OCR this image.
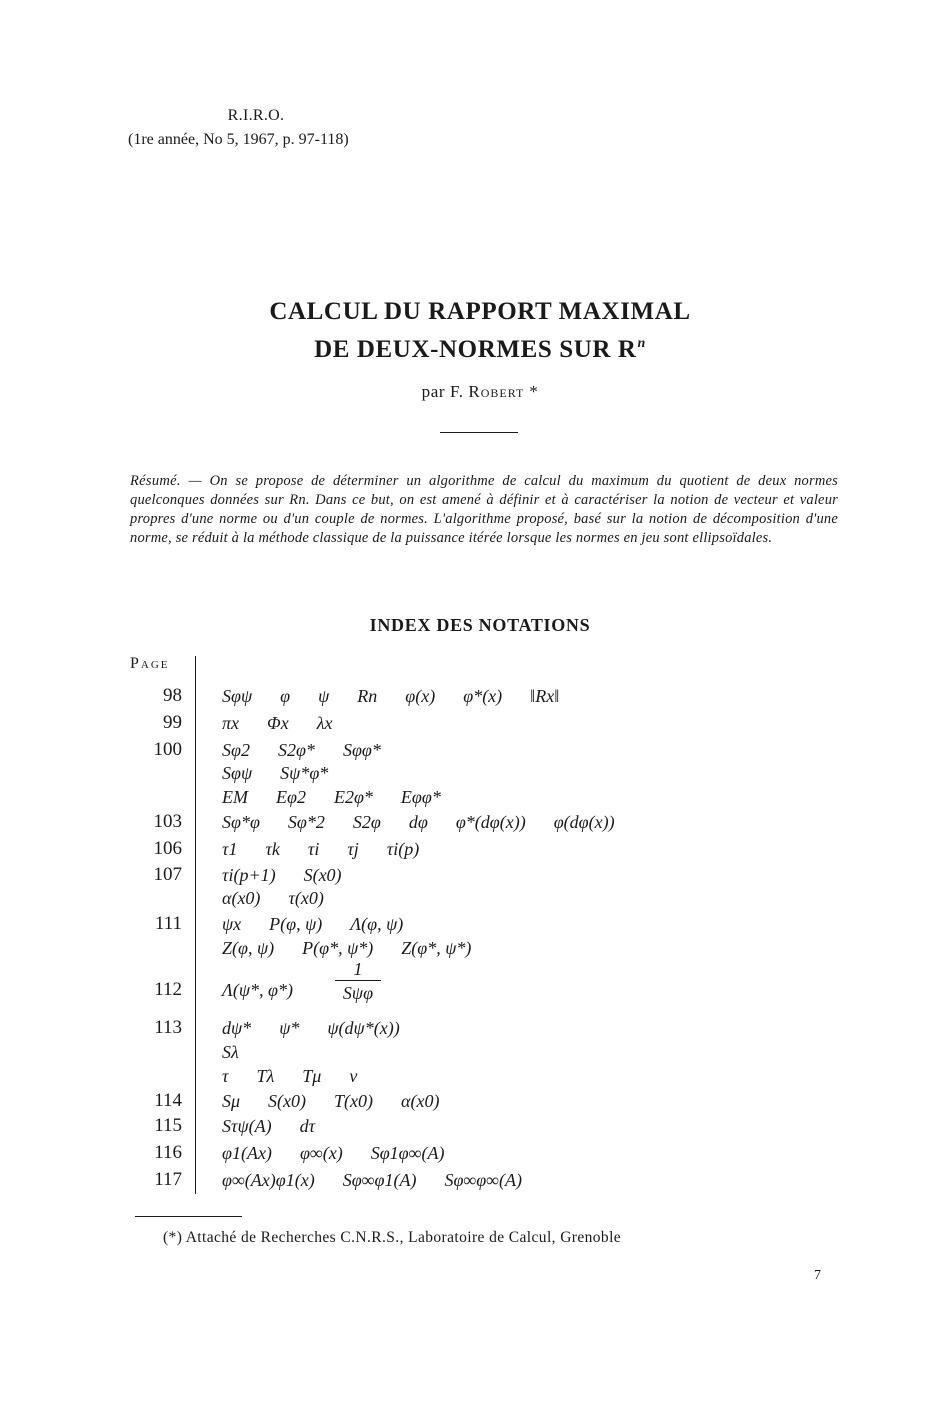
R.I.R.O.
(1re année, No 5, 1967, p. 97-118)
CALCUL DU RAPPORT MAXIMAL
DE DEUX-NORMES SUR $R^n$
par F. Robert *
Résumé. — On se propose de déterminer un algorithme de calcul du maximum du quotient de deux normes quelconques données sur Rn. Dans ce but, on est amené à définir et à caractériser la notion de vecteur et valeur propres d'une norme ou d'un couple de normes. L'algorithme proposé, basé sur la notion de décomposition d'une norme, se réduit à la méthode classique de la puissance itérée lorsque les normes en jeu sont ellipsoïdales.
INDEX DES NOTATIONS
Page
98 Sφψ φ ψ Rn φ(x) φ*(x) ‖Rx‖
99 πx Φx λx
100 Sφ2 S2φ* Sφφ*
Sφψ Sψ*φ*
EM Eφ2 E2φ* Eφφ*
103 Sφ*φ Sφ*2 S2φ dφ φ*(dφ(x)) φ(dφ(x))
106 τ1 τk τi τj τi(p)
107 τi(p+1) S(x0)
α(x0) τ(x0)
111 ψx P(φ, ψ) Λ(φ, ψ)
Z(φ, ψ) P(φ*, ψ*) Z(φ*, ψ*)
112 Λ(ψ*, φ*)
1
Sψφ
113 dψ* ψ* ψ(dψ*(x))
Sλ
τ Tλ Tμ ν
114 Sμ S(x0) T(x0) α(x0)
115 Sτψ(A) dτ
116 φ1(Ax) φ∞(x) Sφ1φ∞(A)
117 φ∞(Ax)φ1(x) Sφ∞φ1(A) Sφ∞φ∞(A)
(*) Attaché de Recherches C.N.R.S., Laboratoire de Calcul, Grenoble
7
